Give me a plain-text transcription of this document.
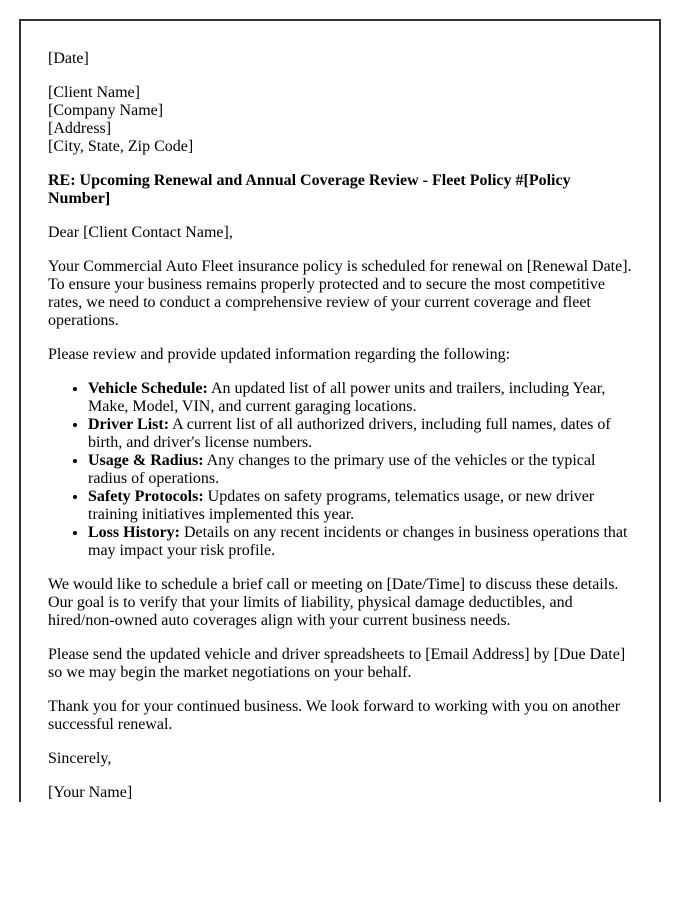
[Date]

[Client Name]
[Company Name]
[Address]
[City, State, Zip Code]

RE: Upcoming Renewal and Annual Coverage Review - Fleet Policy #[Policy Number]

Dear [Client Contact Name],

Your Commercial Auto Fleet insurance policy is scheduled for renewal on [Renewal Date]. To ensure your business remains properly protected and to secure the most competitive rates, we need to conduct a comprehensive review of your current coverage and fleet operations.

Please review and provide updated information regarding the following:

• Vehicle Schedule: An updated list of all power units and trailers, including Year, Make, Model, VIN, and current garaging locations.
• Driver List: A current list of all authorized drivers, including full names, dates of birth, and driver's license numbers.
• Usage & Radius: Any changes to the primary use of the vehicles or the typical radius of operations.
• Safety Protocols: Updates on safety programs, telematics usage, or new driver training initiatives implemented this year.
• Loss History: Details on any recent incidents or changes in business operations that may impact your risk profile.

We would like to schedule a brief call or meeting on [Date/Time] to discuss these details. Our goal is to verify that your limits of liability, physical damage deductibles, and hired/non-owned auto coverages align with your current business needs.

Please send the updated vehicle and driver spreadsheets to [Email Address] by [Due Date] so we may begin the market negotiations on your behalf.

Thank you for your continued business. We look forward to working with you on another successful renewal.

Sincerely,

[Your Name]
